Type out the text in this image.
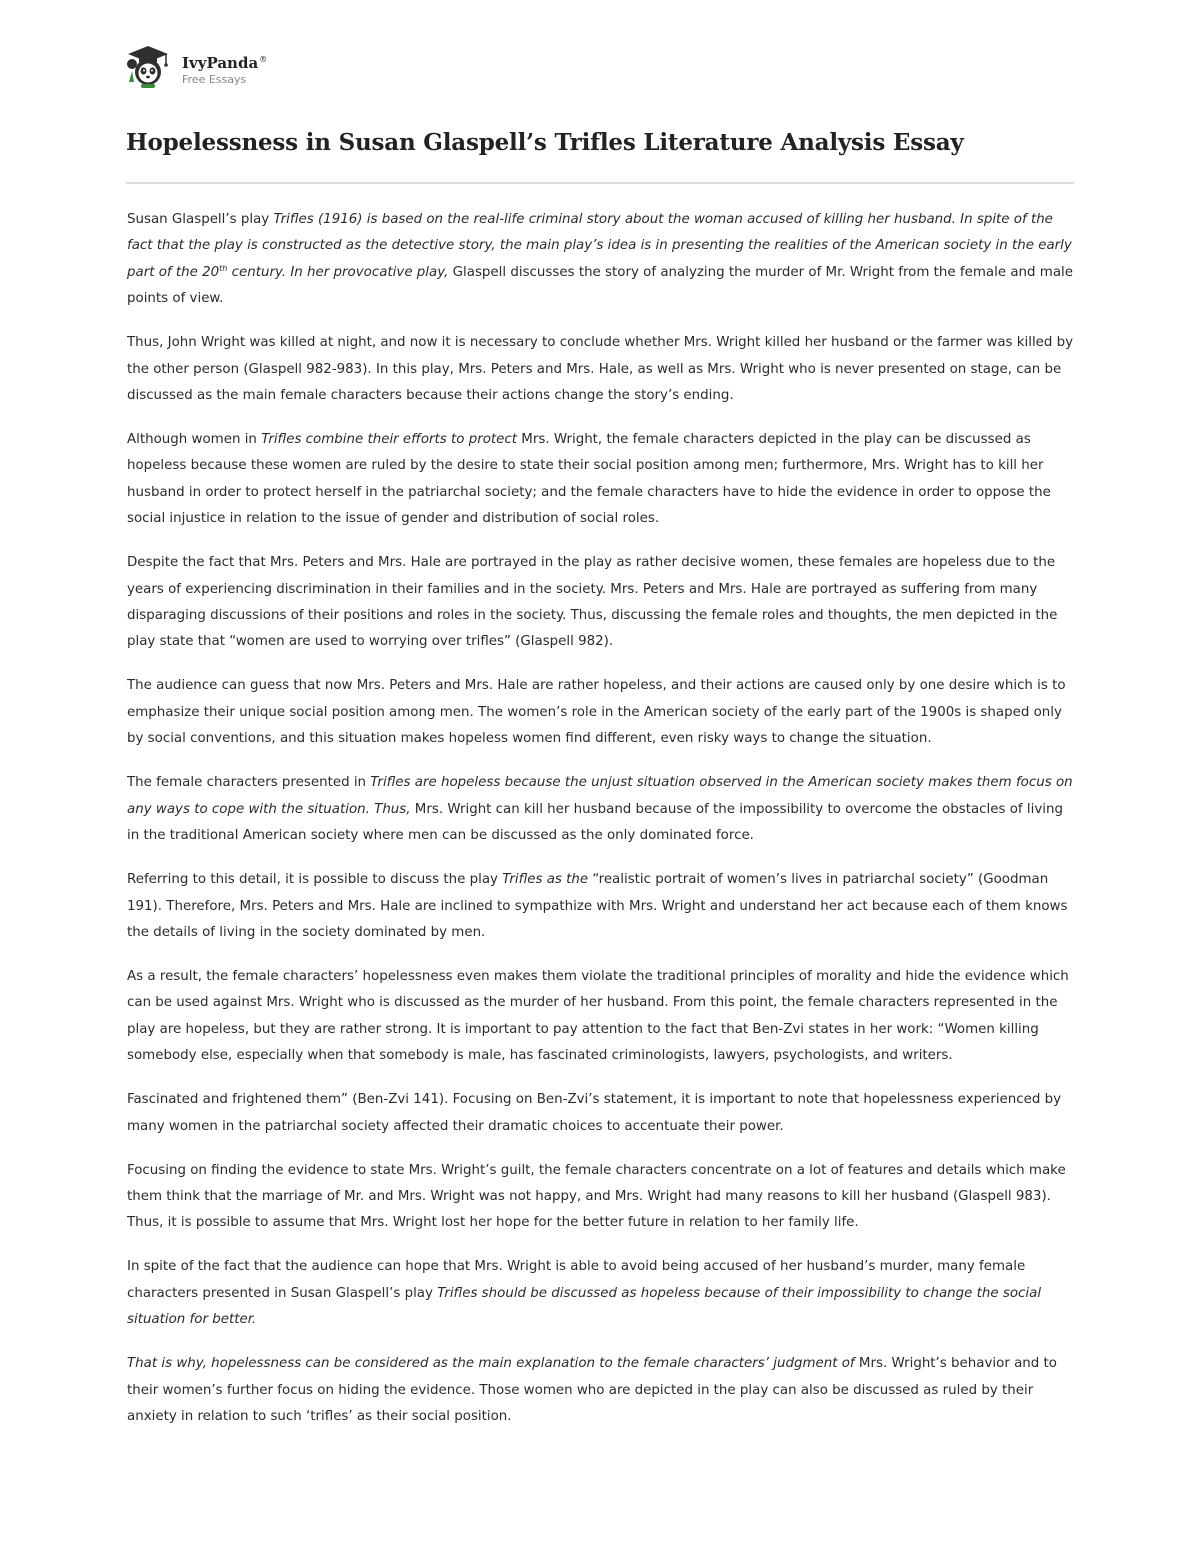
IvyPanda®
Free Essays
Hopelessness in Susan Glaspell’s Trifles Literature Analysis Essay

Susan Glaspell’s play Trifles (1916) is based on the real-life criminal story about the woman accused of killing her husband. In spite of the fact that the play is constructed as the detective story, the main play’s idea is in presenting the realities of the American society in the early part of the 20th century. In her provocative play, Glaspell discusses the story of analyzing the murder of Mr. Wright from the female and male points of view.

Thus, John Wright was killed at night, and now it is necessary to conclude whether Mrs. Wright killed her husband or the farmer was killed by the other person (Glaspell 982-983). In this play, Mrs. Peters and Mrs. Hale, as well as Mrs. Wright who is never presented on stage, can be discussed as the main female characters because their actions change the story’s ending.

Although women in Trifles combine their efforts to protect Mrs. Wright, the female characters depicted in the play can be discussed as hopeless because these women are ruled by the desire to state their social position among men; furthermore, Mrs. Wright has to kill her husband in order to protect herself in the patriarchal society; and the female characters have to hide the evidence in order to oppose the social injustice in relation to the issue of gender and distribution of social roles.

Despite the fact that Mrs. Peters and Mrs. Hale are portrayed in the play as rather decisive women, these females are hopeless due to the years of experiencing discrimination in their families and in the society. Mrs. Peters and Mrs. Hale are portrayed as suffering from many disparaging discussions of their positions and roles in the society. Thus, discussing the female roles and thoughts, the men depicted in the play state that “women are used to worrying over trifles” (Glaspell 982).

The audience can guess that now Mrs. Peters and Mrs. Hale are rather hopeless, and their actions are caused only by one desire which is to emphasize their unique social position among men. The women’s role in the American society of the early part of the 1900s is shaped only by social conventions, and this situation makes hopeless women find different, even risky ways to change the situation.

The female characters presented in Trifles are hopeless because the unjust situation observed in the American society makes them focus on any ways to cope with the situation. Thus, Mrs. Wright can kill her husband because of the impossibility to overcome the obstacles of living in the traditional American society where men can be discussed as the only dominated force.

Referring to this detail, it is possible to discuss the play Trifles as the “realistic portrait of women’s lives in patriarchal society” (Goodman 191). Therefore, Mrs. Peters and Mrs. Hale are inclined to sympathize with Mrs. Wright and understand her act because each of them knows the details of living in the society dominated by men.

As a result, the female characters’ hopelessness even makes them violate the traditional principles of morality and hide the evidence which can be used against Mrs. Wright who is discussed as the murder of her husband. From this point, the female characters represented in the play are hopeless, but they are rather strong. It is important to pay attention to the fact that Ben-Zvi states in her work: “Women killing somebody else, especially when that somebody is male, has fascinated criminologists, lawyers, psychologists, and writers.

Fascinated and frightened them” (Ben-Zvi 141). Focusing on Ben-Zvi’s statement, it is important to note that hopelessness experienced by many women in the patriarchal society affected their dramatic choices to accentuate their power.

Focusing on finding the evidence to state Mrs. Wright’s guilt, the female characters concentrate on a lot of features and details which make them think that the marriage of Mr. and Mrs. Wright was not happy, and Mrs. Wright had many reasons to kill her husband (Glaspell 983). Thus, it is possible to assume that Mrs. Wright lost her hope for the better future in relation to her family life.

In spite of the fact that the audience can hope that Mrs. Wright is able to avoid being accused of her husband’s murder, many female characters presented in Susan Glaspell’s play Trifles should be discussed as hopeless because of their impossibility to change the social situation for better.

That is why, hopelessness can be considered as the main explanation to the female characters’ judgment of Mrs. Wright’s behavior and to their women’s further focus on hiding the evidence. Those women who are depicted in the play can also be discussed as ruled by their anxiety in relation to such ‘trifles’ as their social position.
